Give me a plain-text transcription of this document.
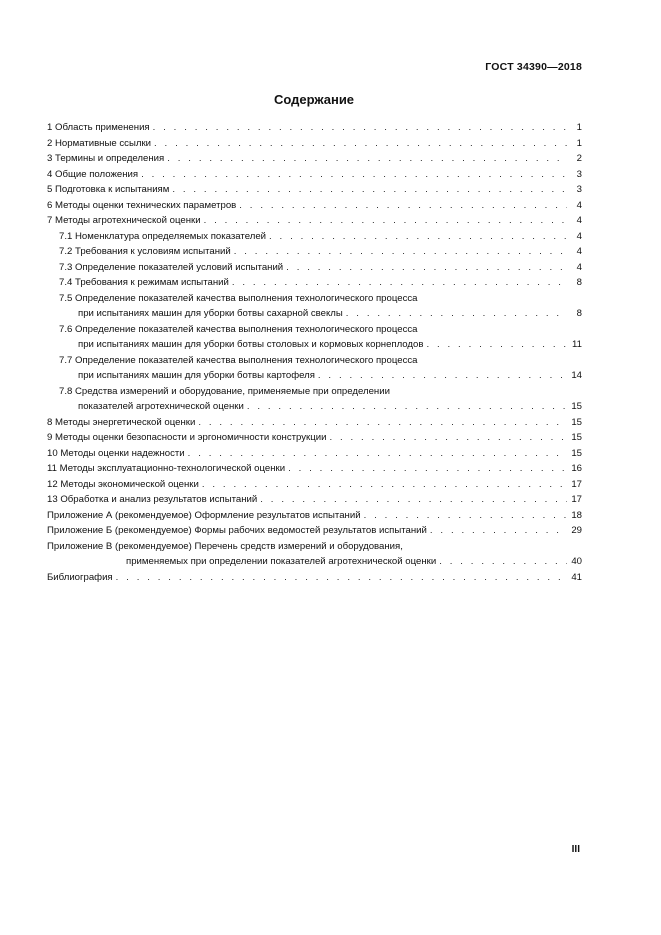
ГОСТ 34390—2018
Содержание
1 Область применения . . .	1
2 Нормативные ссылки . . .	1
3 Термины и определения . . .	2
4 Общие положения . . .	3
5 Подготовка к испытаниям . . .	3
6 Методы оценки технических параметров . . .	4
7 Методы агротехнической оценки . . .	4
7.1 Номенклатура определяемых показателей . . .	4
7.2 Требования к условиям испытаний . . .	4
7.3 Определение показателей условий испытаний . . .	4
7.4 Требования к режимам испытаний . . .	8
7.5 Определение показателей качества выполнения технологического процесса
при испытаниях машин для уборки ботвы сахарной свеклы . . .	8
7.6 Определение показателей качества выполнения технологического процесса
при испытаниях машин для уборки ботвы столовых и кормовых корнеплодов . . .	11
7.7 Определение показателей качества выполнения технологического процесса
при испытаниях машин для уборки ботвы картофеля . . .	14
7.8 Средства измерений и оборудование, применяемые при определении
показателей агротехнической оценки . . .	15
8 Методы энергетической оценки . . .	15
9 Методы оценки безопасности и эргономичности конструкции . . .	15
10 Методы оценки надежности . . .	15
11 Методы эксплуатационно-технологической оценки . . .	16
12 Методы экономической оценки . . .	17
13 Обработка и анализ результатов испытаний . . .	17
Приложение А (рекомендуемое) Оформление результатов испытаний . . .	18
Приложение Б (рекомендуемое) Формы рабочих ведомостей результатов испытаний . . .	29
Приложение В (рекомендуемое) Перечень средств измерений и оборудования,
применяемых при определении показателей агротехнической оценки . . .	40
Библиография . . .	41
III
